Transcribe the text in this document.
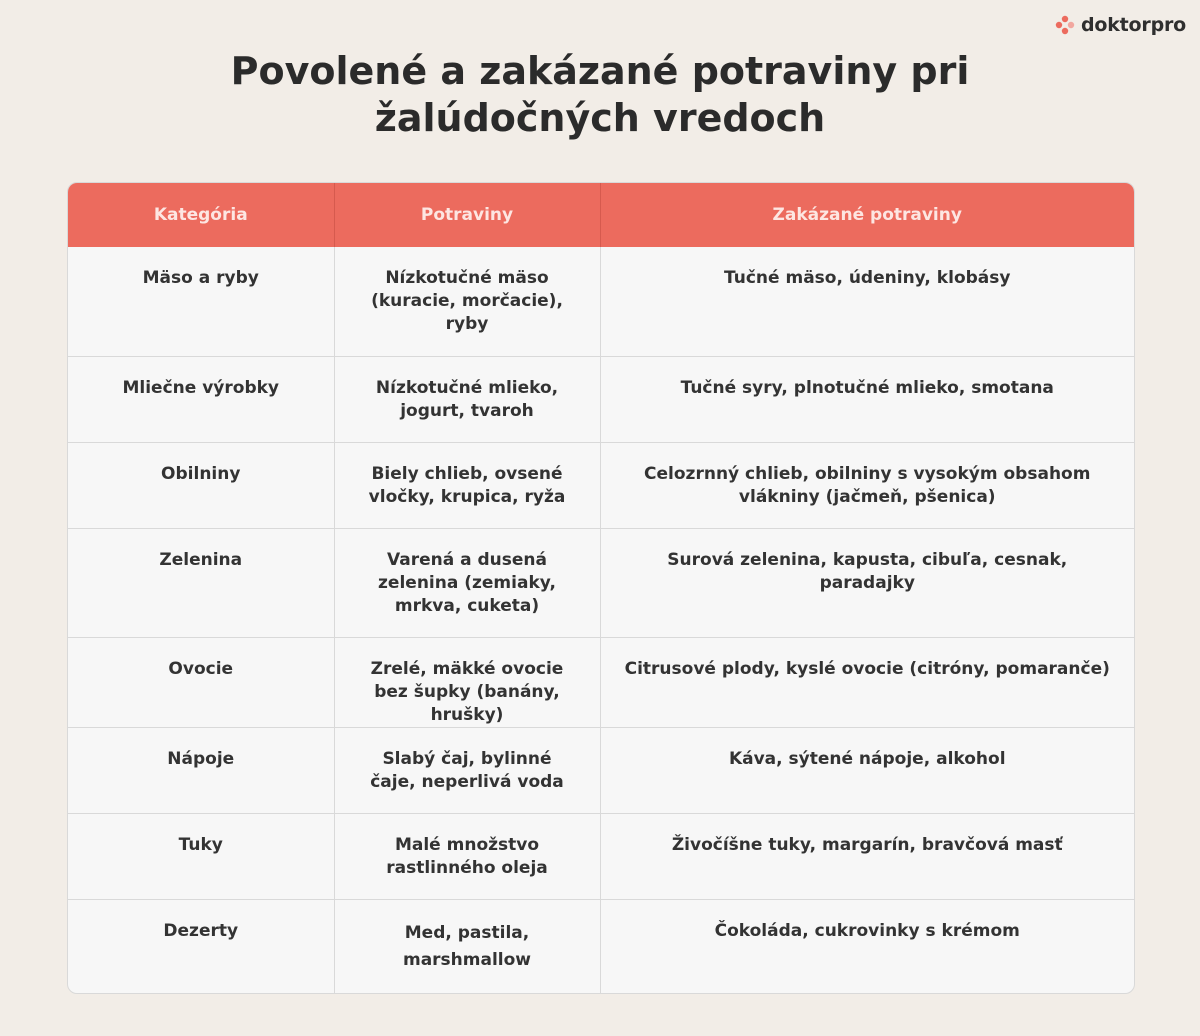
doktorpro
Povolené a zakázané potraviny pri
žalúdočných vredoch
Kategória	Potraviny	Zakázané potraviny
Mäso a ryby	Nízkotučné mäso (kuracie, morčacie), ryby	Tučné mäso, údeniny, klobásy
Mliečne výrobky	Nízkotučné mlieko, jogurt, tvaroh	Tučné syry, plnotučné mlieko, smotana
Obilniny	Biely chlieb, ovsené vločky, krupica, ryža	Celozrnný chlieb, obilniny s vysokým obsahom vlákniny (jačmeň, pšenica)
Zelenina	Varená a dusená zelenina (zemiaky, mrkva, cuketa)	Surová zelenina, kapusta, cibuľa, cesnak, paradajky
Ovocie	Zrelé, mäkké ovocie bez šupky (banány, hrušky)	Citrusové plody, kyslé ovocie (citróny, pomaranče)
Nápoje	Slabý čaj, bylinné čaje, neperlivá voda	Káva, sýtené nápoje, alkohol
Tuky	Malé množstvo rastlinného oleja	Živočíšne tuky, margarín, bravčová masť
Dezerty	Med, pastila, marshmallow	Čokoláda, cukrovinky s krémom
